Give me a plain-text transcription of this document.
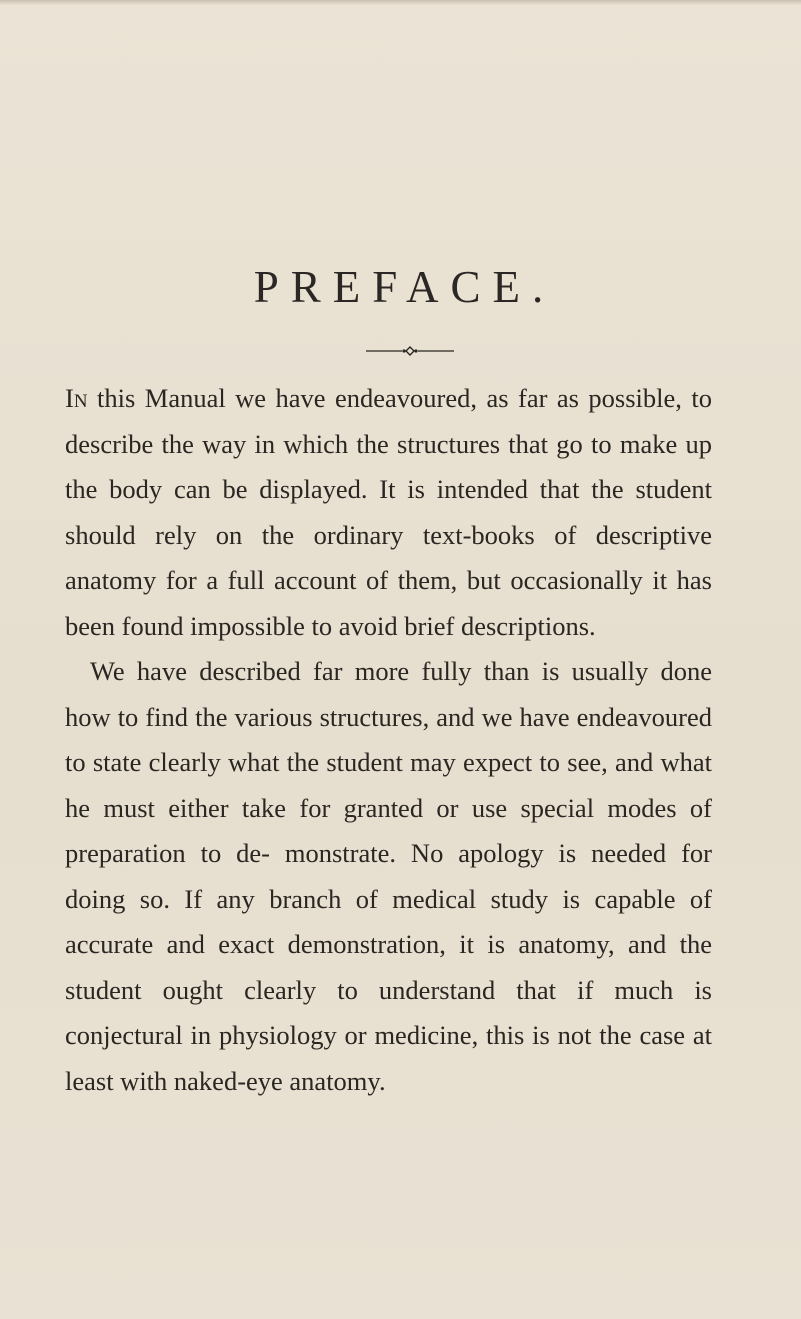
PREFACE.

In this Manual we have endeavoured, as far as possible, to describe the way in which the structures that go to make up the body can be displayed. It is intended that the student should rely on the ordinary text-books of descriptive anatomy for a full account of them, but occasionally it has been found impossible to avoid brief descriptions.

We have described far more fully than is usually done how to find the various structures, and we have endeavoured to state clearly what the student may expect to see, and what he must either take for granted or use special modes of preparation to de- monstrate. No apology is needed for doing so. If any branch of medical study is capable of accurate and exact demonstration, it is anatomy, and the student ought clearly to understand that if much is conjectural in physiology or medicine, this is not the case at least with naked-eye anatomy.
